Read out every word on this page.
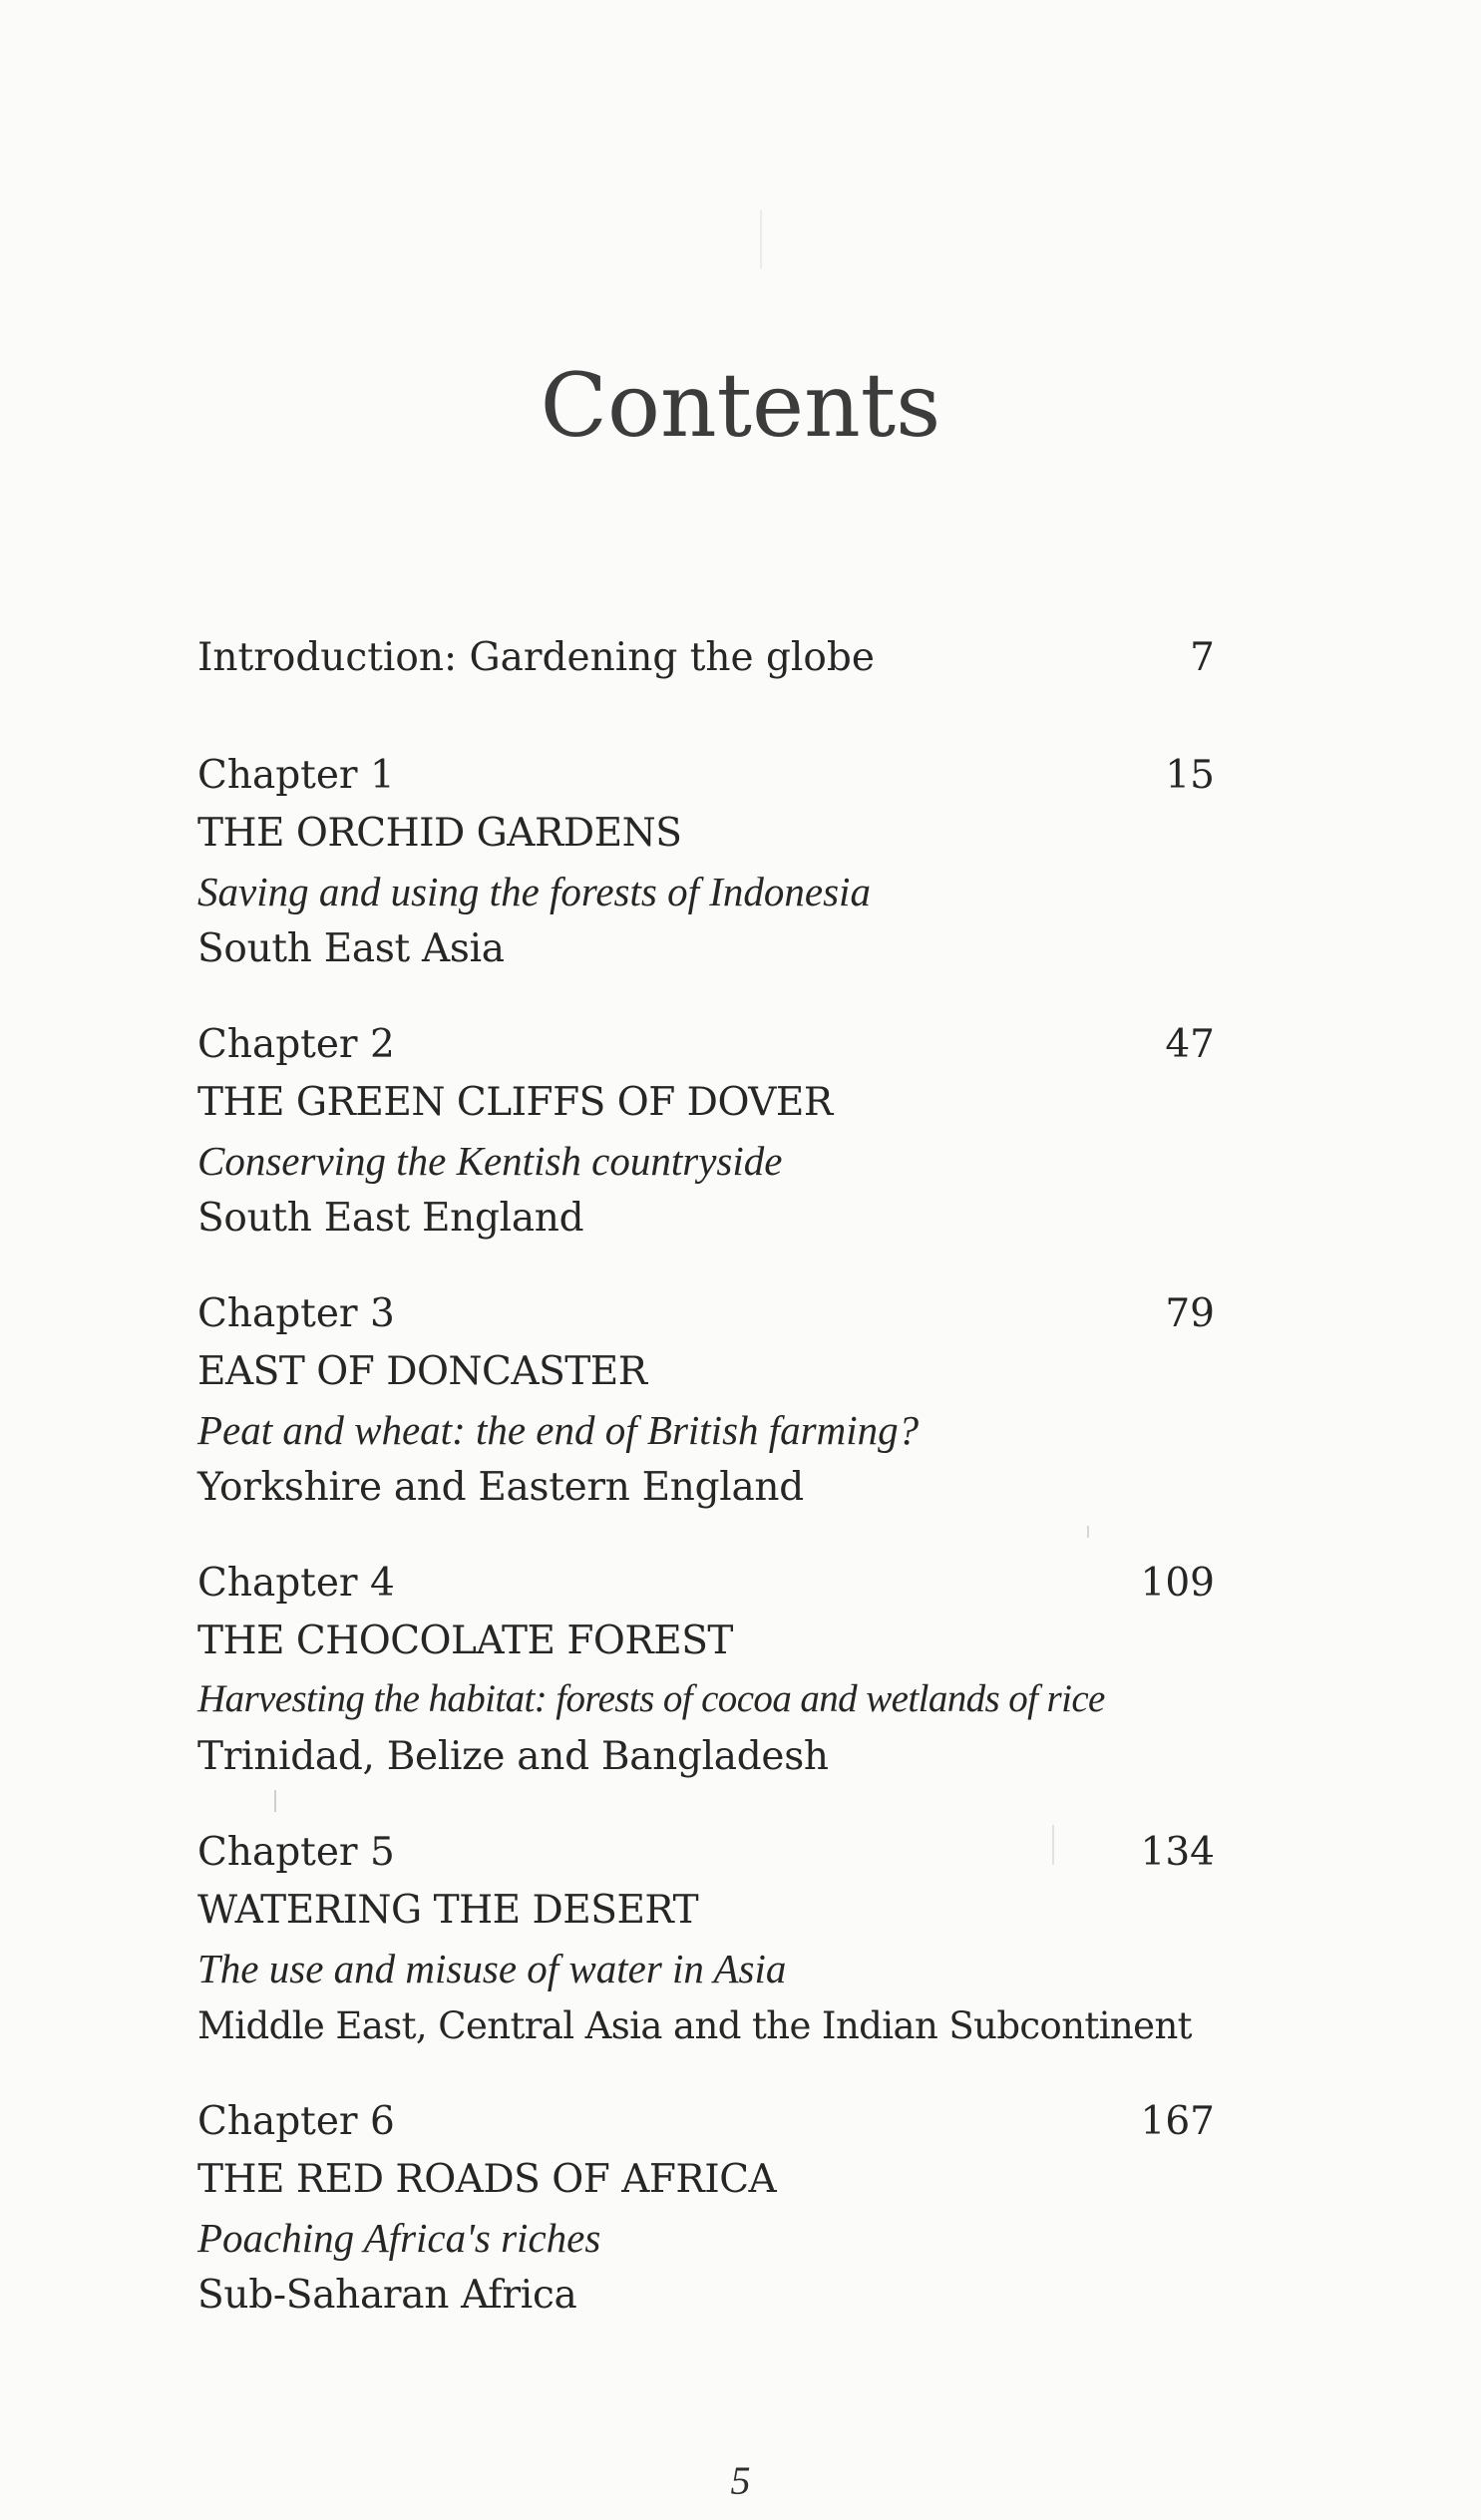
Contents
Introduction: Gardening the globe	7
Chapter 1	15
THE ORCHID GARDENS
Saving and using the forests of Indonesia
South East Asia
Chapter 2	47
THE GREEN CLIFFS OF DOVER
Conserving the Kentish countryside
South East England
Chapter 3	79
EAST OF DONCASTER
Peat and wheat: the end of British farming?
Yorkshire and Eastern England
Chapter 4	109
THE CHOCOLATE FOREST
Harvesting the habitat: forests of cocoa and wetlands of rice
Trinidad, Belize and Bangladesh
Chapter 5	134
WATERING THE DESERT
The use and misuse of water in Asia
Middle East, Central Asia and the Indian Subcontinent
Chapter 6	167
THE RED ROADS OF AFRICA
Poaching Africa's riches
Sub-Saharan Africa
5
